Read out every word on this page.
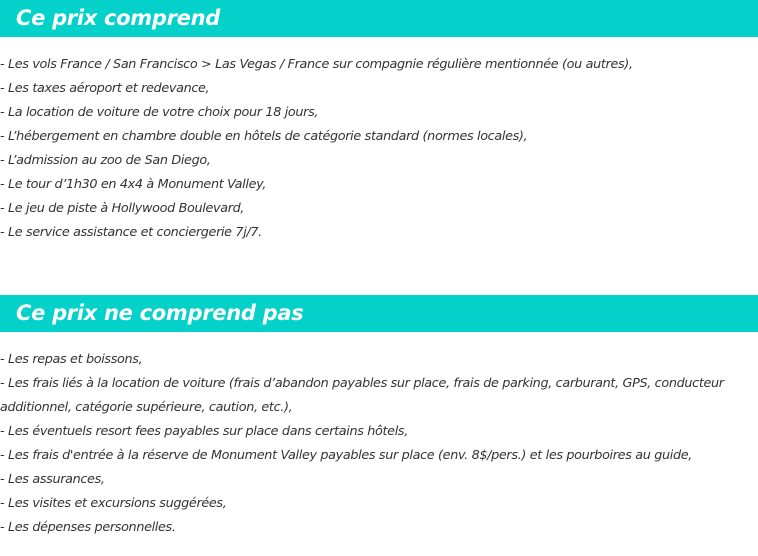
Ce prix comprend
- Les vols France / San Francisco > Las Vegas / France sur compagnie régulière mentionnée (ou autres),
- Les taxes aéroport et redevance,
- La location de voiture de votre choix pour 18 jours,
- L’hébergement en chambre double en hôtels de catégorie standard (normes locales),
- L’admission au zoo de San Diego,
- Le tour d’1h30 en 4x4 à Monument Valley,
- Le jeu de piste à Hollywood Boulevard,
- Le service assistance et conciergerie 7j/7.
Ce prix ne comprend pas
- Les repas et boissons,
- Les frais liés à la location de voiture (frais d’abandon payables sur place, frais de parking, carburant, GPS, conducteur additionnel, catégorie supérieure, caution, etc.),
- Les éventuels resort fees payables sur place dans certains hôtels,
- Les frais d'entrée à la réserve de Monument Valley payables sur place (env. 8$/pers.) et les pourboires au guide,
- Les assurances,
- Les visites et excursions suggérées,
- Les dépenses personnelles.
